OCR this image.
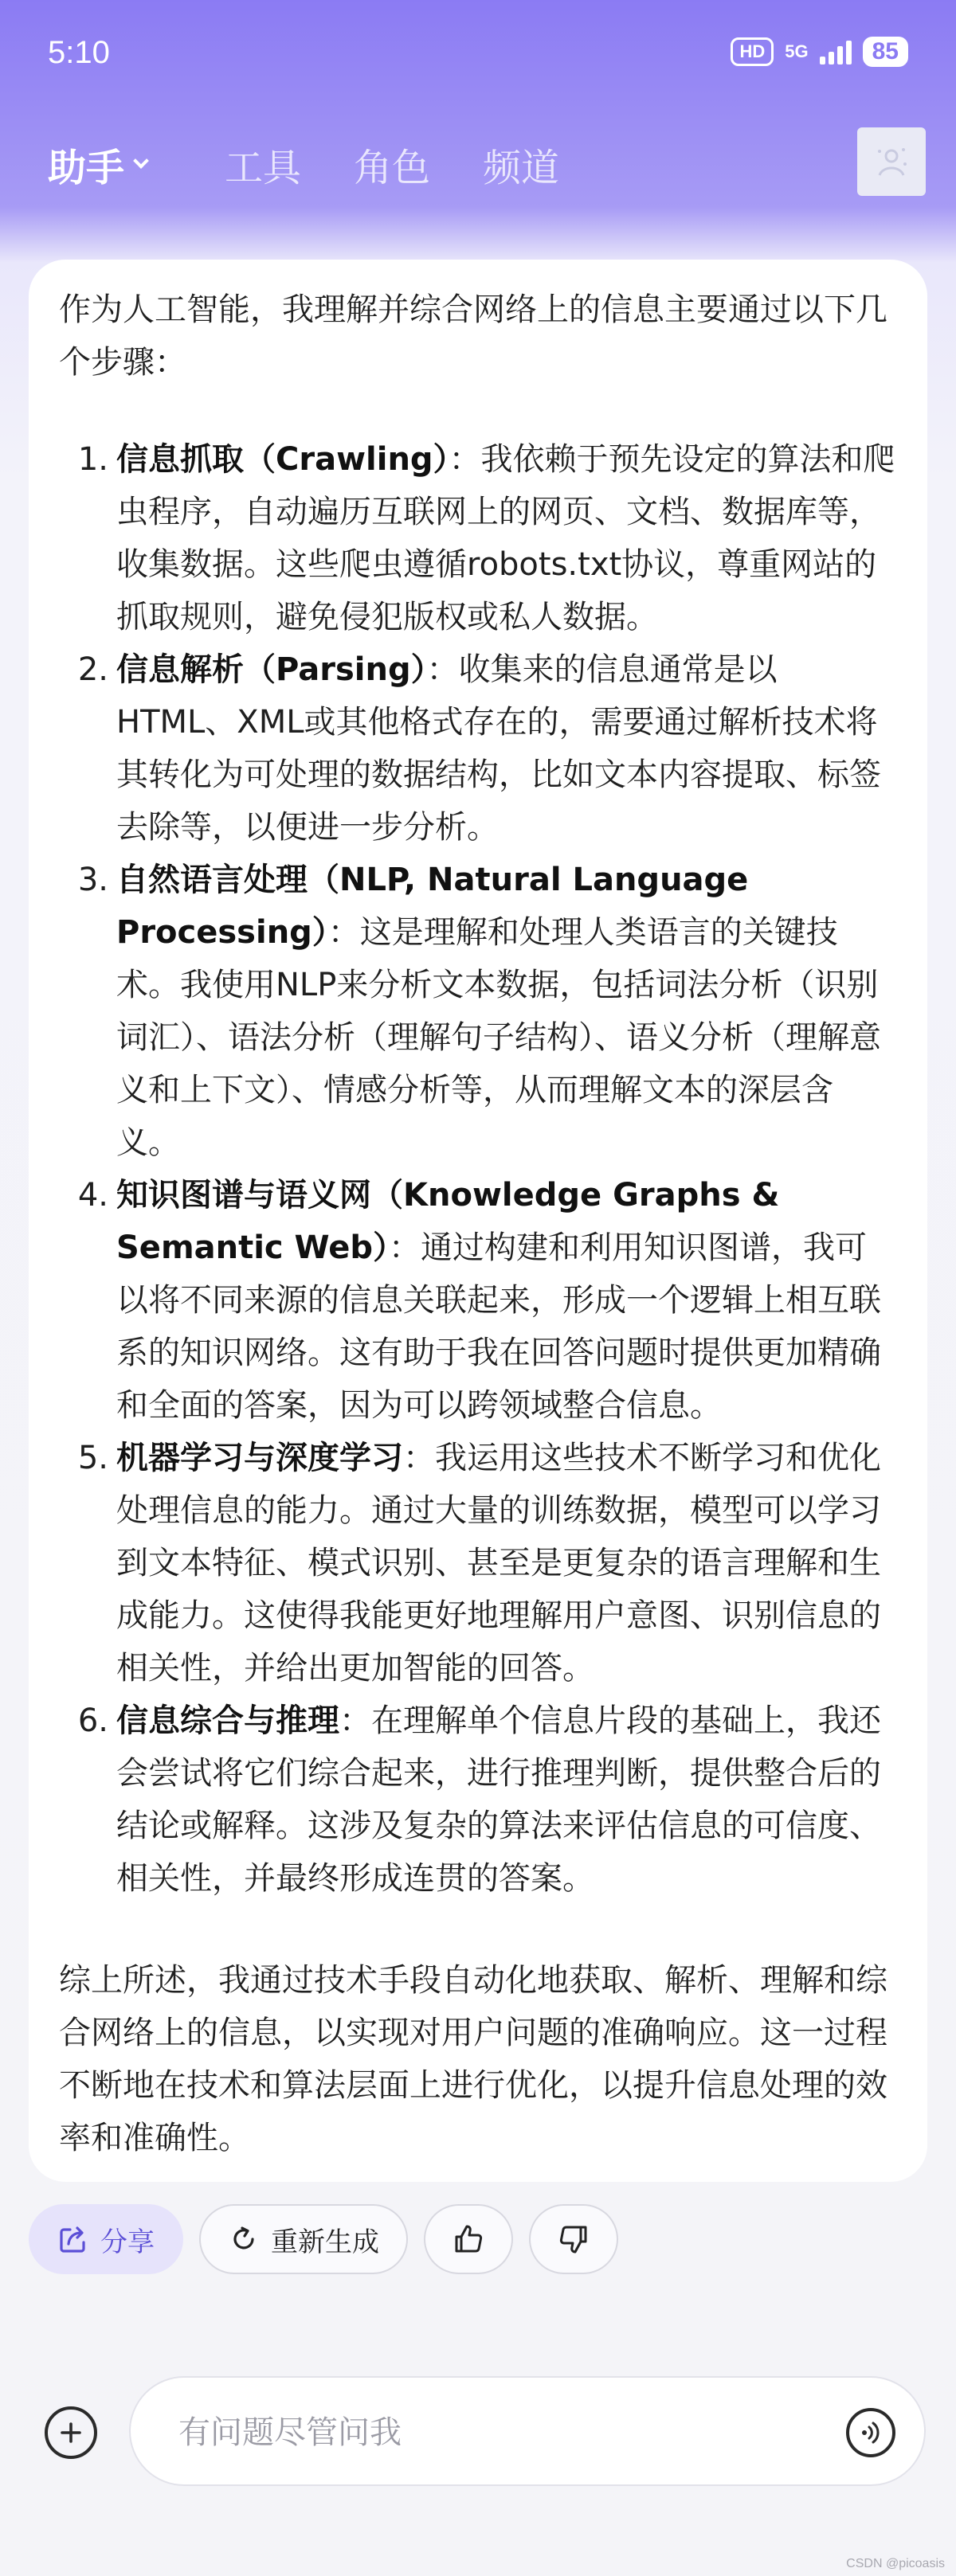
5:10	HD	5G	85
助手	工具 角色 频道

作为人工智能，我理解并综合网络上的信息主要通过以下几个步骤：

1. 信息抓取（Crawling）：我依赖于预先设定的算法和爬虫程序，自动遍历互联网上的网页、文档、数据库等，收集数据。这些爬虫遵循robots.txt协议，尊重网站的抓取规则，避免侵犯版权或私人数据。
2. 信息解析（Parsing）：收集来的信息通常是以HTML、XML或其他格式存在的，需要通过解析技术将其转化为可处理的数据结构，比如文本内容提取、标签去除等，以便进一步分析。
3. 自然语言处理（NLP, Natural Language Processing）：这是理解和处理人类语言的关键技术。我使用NLP来分析文本数据，包括词法分析（识别词汇）、语法分析（理解句子结构）、语义分析（理解意义和上下文）、情感分析等，从而理解文本的深层含义。
4. 知识图谱与语义网（Knowledge Graphs & Semantic Web）：通过构建和利用知识图谱，我可以将不同来源的信息关联起来，形成一个逻辑上相互联系的知识网络。这有助于我在回答问题时提供更加精确和全面的答案，因为可以跨领域整合信息。
5. 机器学习与深度学习：我运用这些技术不断学习和优化处理信息的能力。通过大量的训练数据，模型可以学习到文本特征、模式识别、甚至是更复杂的语言理解和生成能力。这使得我能更好地理解用户意图、识别信息的相关性，并给出更加智能的回答。
6. 信息综合与推理：在理解单个信息片段的基础上，我还会尝试将它们综合起来，进行推理判断，提供整合后的结论或解释。这涉及复杂的算法来评估信息的可信度、相关性，并最终形成连贯的答案。

综上所述，我通过技术手段自动化地获取、解析、理解和综合网络上的信息，以实现对用户问题的准确响应。这一过程不断地在技术和算法层面上进行优化，以提升信息处理的效率和准确性。

分享	重新生成
有问题尽管问我
CSDN @picoasis
